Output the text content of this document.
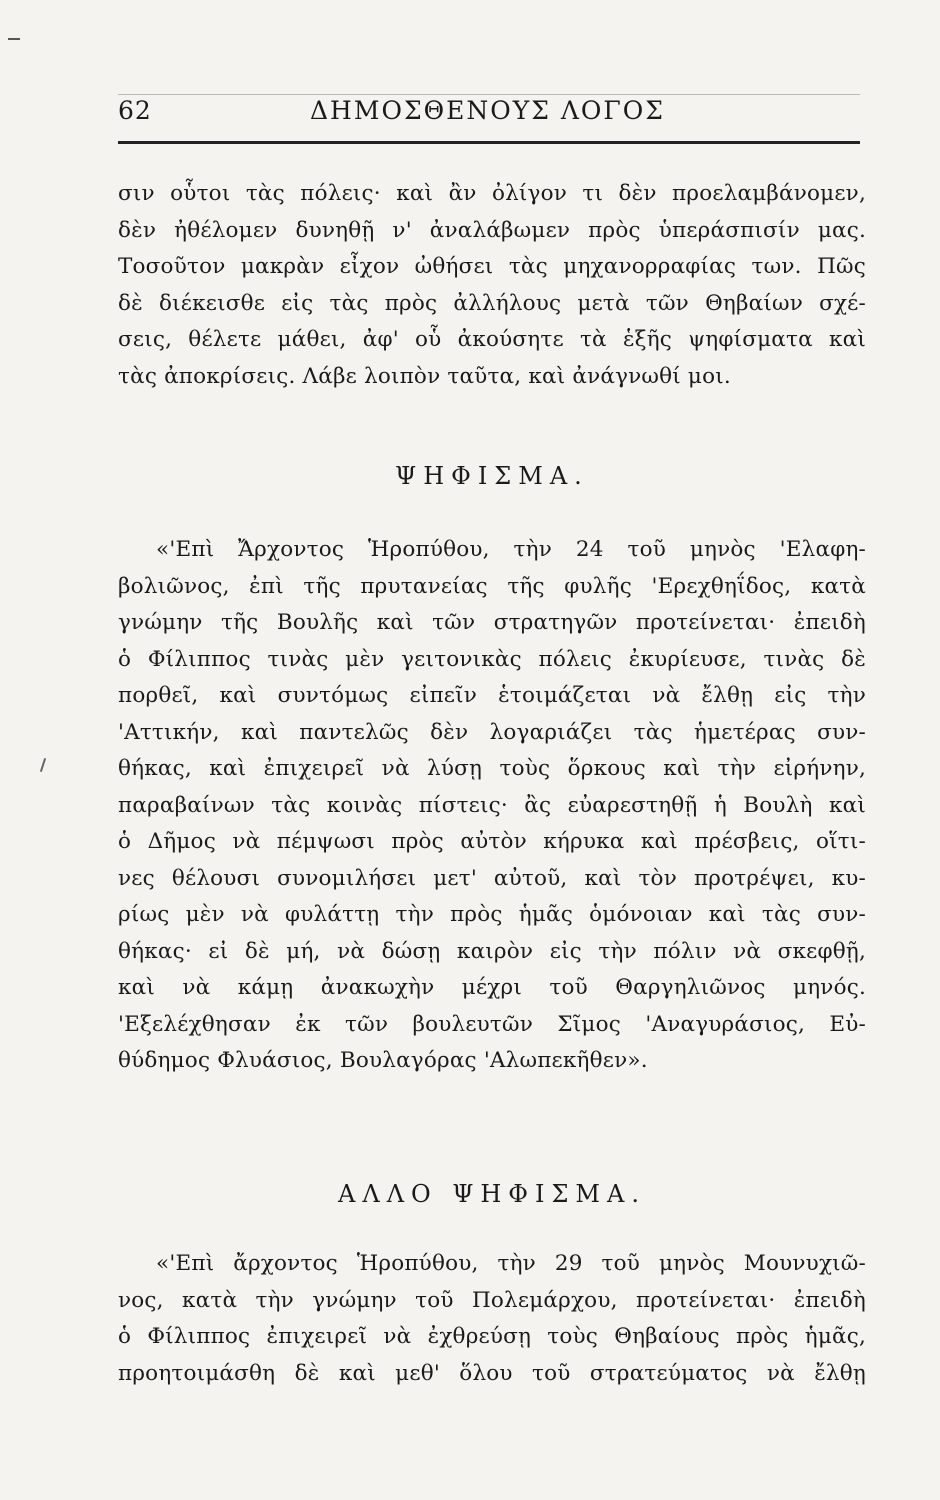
62	ΔΗΜΟΣΘΕΝΟΥΣ ΛΟΓΟΣ
σιν οὗτοι τὰς πόλεις· καὶ ἂν ὀλίγον τι δὲν προελαμβάνομεν,
δὲν ἠθέλομεν δυνηθῇ ν' ἀναλάβωμεν πρὸς ὑπεράσπισίν μας.
Τοσοῦτον μακρὰν εἶχον ὠθήσει τὰς μηχανορραφίας των. Πῶς
δὲ διέκεισθε εἰς τὰς πρὸς ἀλλήλους μετὰ τῶν Θηβαίων σχέ-
σεις, θέλετε μάθει, ἀφ' οὗ ἀκούσητε τὰ ἑξῆς ψηφίσματα καὶ
τὰς ἀποκρίσεις. Λάβε λοιπὸν ταῦτα, καὶ ἀνάγνωθί μοι.
ΨΗΦΙΣΜΑ.
«'Επὶ Ἄρχοντος Ἡροπύθου, τὴν 24 τοῦ μηνὸς 'Ελαφη-
βολιῶνος, ἐπὶ τῆς πρυτανείας τῆς φυλῆς 'Ερεχθηΐδος, κατὰ
γνώμην τῆς Βουλῆς καὶ τῶν στρατηγῶν προτείνεται· ἐπειδὴ
ὁ Φίλιππος τινὰς μὲν γειτονικὰς πόλεις ἐκυρίευσε, τινὰς δὲ
πορθεῖ, καὶ συντόμως εἰπεῖν ἑτοιμάζεται νὰ ἔλθῃ εἰς τὴν
'Αττικήν, καὶ παντελῶς δὲν λογαριάζει τὰς ἡμετέρας συν-
θήκας, καὶ ἐπιχειρεῖ νὰ λύσῃ τοὺς ὅρκους καὶ τὴν εἰρήνην,
παραβαίνων τὰς κοινὰς πίστεις· ἂς εὐαρεστηθῇ ἡ Βουλὴ καὶ
ὁ Δῆμος νὰ πέμψωσι πρὸς αὐτὸν κήρυκα καὶ πρέσβεις, οἵτι-
νες θέλουσι συνομιλήσει μετ' αὐτοῦ, καὶ τὸν προτρέψει, κυ-
ρίως μὲν νὰ φυλάττῃ τὴν πρὸς ἡμᾶς ὁμόνοιαν καὶ τὰς συν-
θήκας· εἰ δὲ μή, νὰ δώσῃ καιρὸν εἰς τὴν πόλιν νὰ σκεφθῇ,
καὶ νὰ κάμῃ ἀνακωχὴν μέχρι τοῦ Θαργηλιῶνος μηνός.
'Εξελέχθησαν ἐκ τῶν βουλευτῶν Σῖμος 'Αναγυράσιος, Εὐ-
θύδημος Φλυάσιος, Βουλαγόρας 'Αλωπεκῆθεν».
ΑΛΛΟ ΨΗΦΙΣΜΑ.
«'Επὶ ἄρχοντος Ἡροπύθου, τὴν 29 τοῦ μηνὸς Μουνυχιῶ-
νος, κατὰ τὴν γνώμην τοῦ Πολεμάρχου, προτείνεται· ἐπειδὴ
ὁ Φίλιππος ἐπιχειρεῖ νὰ ἐχθρεύσῃ τοὺς Θηβαίους πρὸς ἡμᾶς,
προητοιμάσθη δὲ καὶ μεθ' ὅλου τοῦ στρατεύματος νὰ ἔλθῃ
